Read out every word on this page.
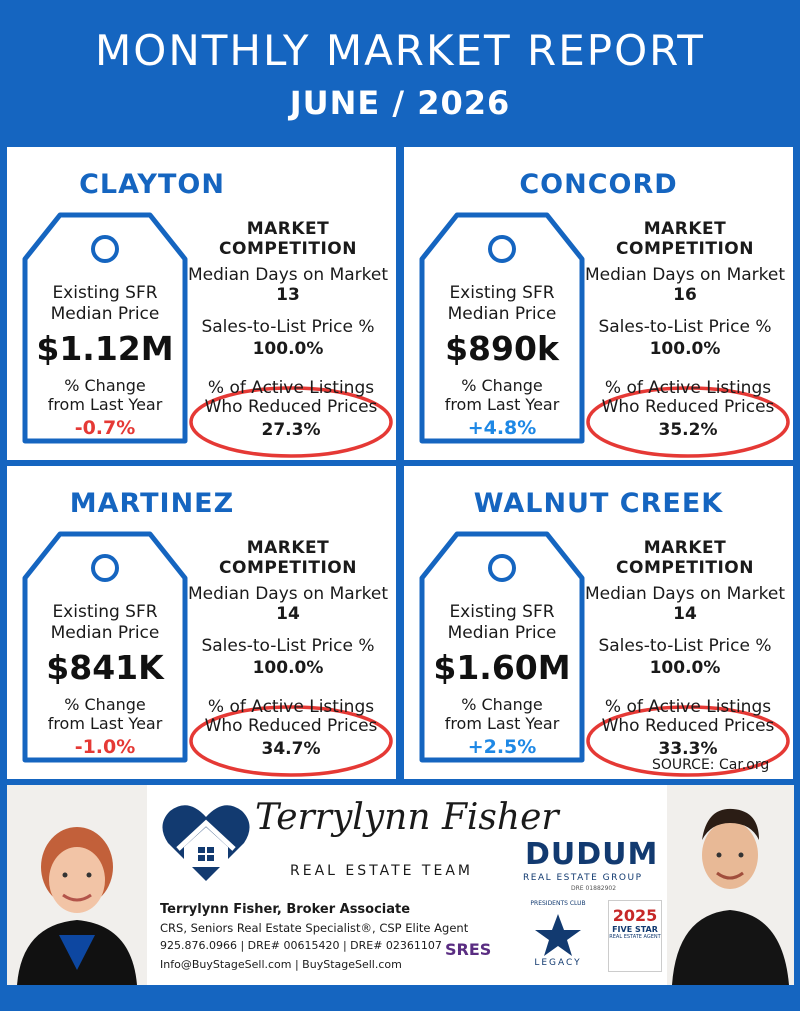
MONTHLY MARKET REPORT
JUNE / 2026
CLAYTON
Existing SFR
Median Price
$1.12M
% Change
from Last Year
-0.7%
MARKET
COMPETITION
Median Days on Market
13
Sales-to-List Price %
100.0%
% of Active Listings
Who Reduced Prices
27.3%
CONCORD
Existing SFR
Median Price
$890k
% Change
from Last Year
+4.8%
MARKET
COMPETITION
Median Days on Market
16
Sales-to-List Price %
100.0%
% of Active Listings
Who Reduced Prices
35.2%
MARTINEZ
Existing SFR
Median Price
$841K
% Change
from Last Year
-1.0%
MARKET
COMPETITION
Median Days on Market
14
Sales-to-List Price %
100.0%
% of Active Listings
Who Reduced Prices
34.7%
WALNUT CREEK
Existing SFR
Median Price
$1.60M
% Change
from Last Year
+2.5%
MARKET
COMPETITION
Median Days on Market
14
Sales-to-List Price %
100.0%
% of Active Listings
Who Reduced Prices
33.3%
SOURCE: Car.org
Terrylynn Fisher
REAL ESTATE TEAM DUDUM
REAL ESTATE GROUP
DRE 01882902
Terrylynn Fisher, Broker Associate
CRS, Seniors Real Estate Specialist®, CSP Elite Agent
925.876.0966 | DRE# 00615420 | DRE# 02361107
Info@BuyStageSell.com | BuyStageSell.com
SRES
PRESIDENTS CLUB
LEGACY
2025
FIVE STAR
REAL ESTATE AGENT
